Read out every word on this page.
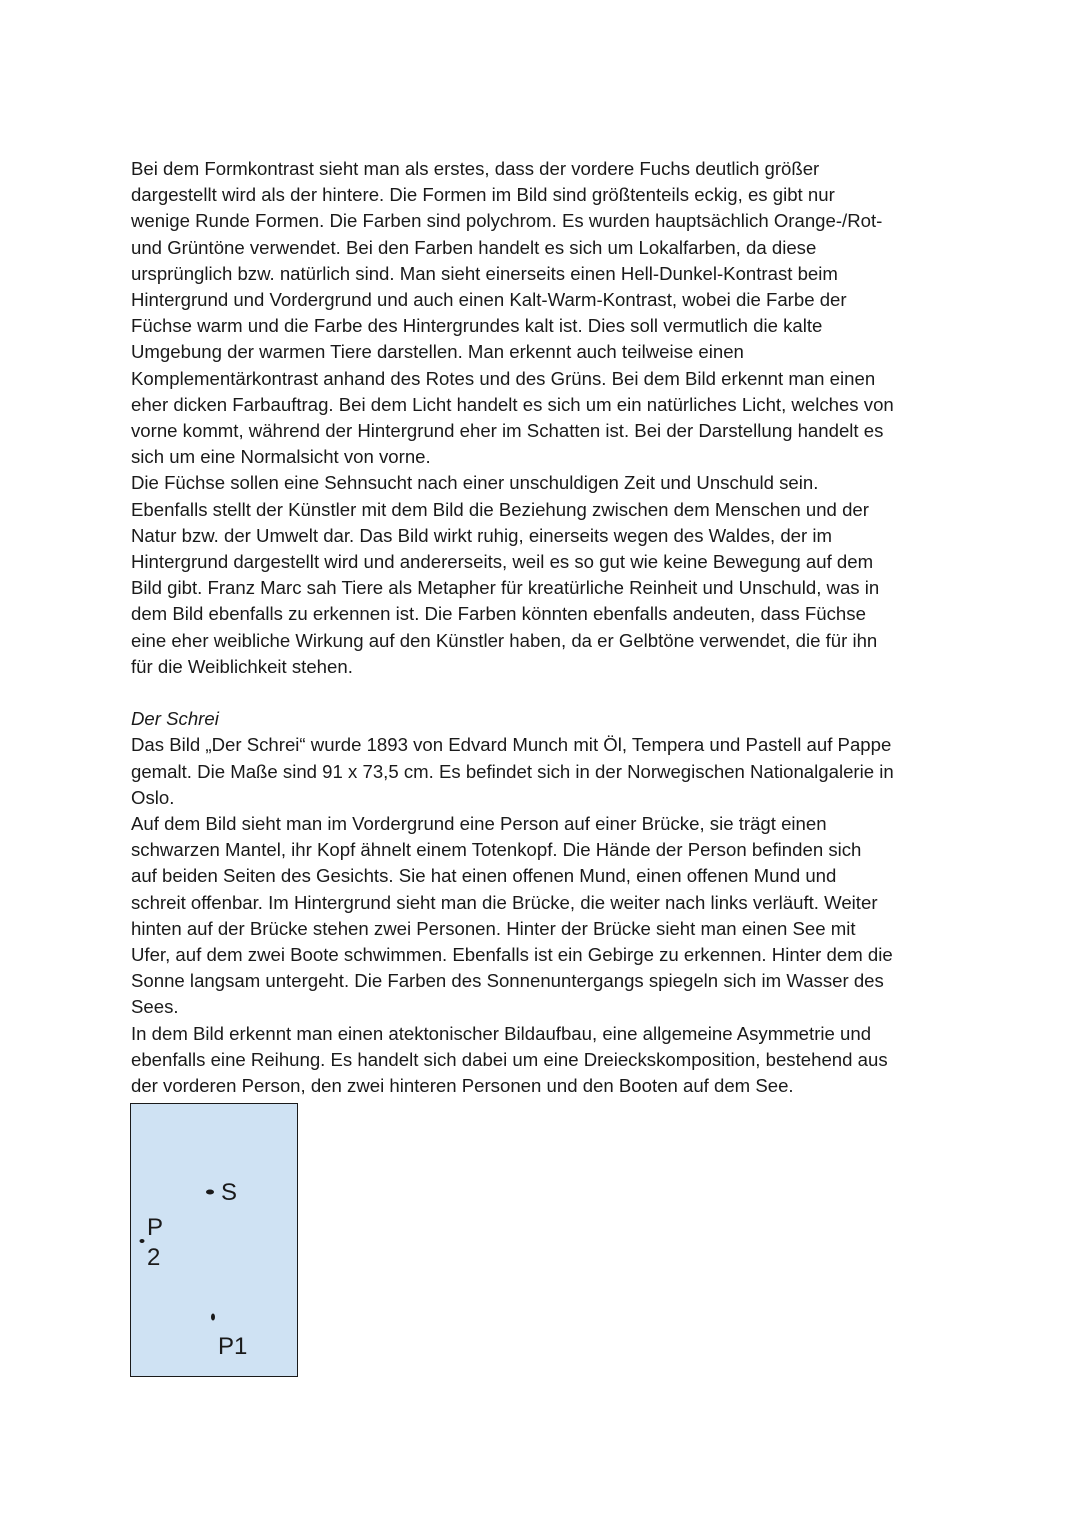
Bei dem Formkontrast sieht man als erstes, dass der vordere Fuchs deutlich größer
dargestellt wird als der hintere. Die Formen im Bild sind größtenteils eckig, es gibt nur
wenige Runde Formen. Die Farben sind polychrom. Es wurden hauptsächlich Orange-/Rot-
und Grüntöne verwendet. Bei den Farben handelt es sich um Lokalfarben, da diese
ursprünglich bzw. natürlich sind. Man sieht einerseits einen Hell-Dunkel-Kontrast beim
Hintergrund und Vordergrund und auch einen Kalt-Warm-Kontrast, wobei die Farbe der
Füchse warm und die Farbe des Hintergrundes kalt ist. Dies soll vermutlich die kalte
Umgebung der warmen Tiere darstellen. Man erkennt auch teilweise einen
Komplementärkontrast anhand des Rotes und des Grüns. Bei dem Bild erkennt man einen
eher dicken Farbauftrag. Bei dem Licht handelt es sich um ein natürliches Licht, welches von
vorne kommt, während der Hintergrund eher im Schatten ist. Bei der Darstellung handelt es
sich um eine Normalsicht von vorne.

Die Füchse sollen eine Sehnsucht nach einer unschuldigen Zeit und Unschuld sein.
Ebenfalls stellt der Künstler mit dem Bild die Beziehung zwischen dem Menschen und der
Natur bzw. der Umwelt dar. Das Bild wirkt ruhig, einerseits wegen des Waldes, der im
Hintergrund dargestellt wird und andererseits, weil es so gut wie keine Bewegung auf dem
Bild gibt. Franz Marc sah Tiere als Metapher für kreatürliche Reinheit und Unschuld, was in
dem Bild ebenfalls zu erkennen ist. Die Farben könnten ebenfalls andeuten, dass Füchse
eine eher weibliche Wirkung auf den Künstler haben, da er Gelbtöne verwendet, die für ihn
für die Weiblichkeit stehen.

Der Schrei

Das Bild „Der Schrei“ wurde 1893 von Edvard Munch mit Öl, Tempera und Pastell auf Pappe
gemalt. Die Maße sind 91 x 73,5 cm. Es befindet sich in der Norwegischen Nationalgalerie in
Oslo.

Auf dem Bild sieht man im Vordergrund eine Person auf einer Brücke, sie trägt einen
schwarzen Mantel, ihr Kopf ähnelt einem Totenkopf. Die Hände der Person befinden sich
auf beiden Seiten des Gesichts. Sie hat einen offenen Mund, einen offenen Mund und
schreit offenbar. Im Hintergrund sieht man die Brücke, die weiter nach links verläuft. Weiter
hinten auf der Brücke stehen zwei Personen. Hinter der Brücke sieht man einen See mit
Ufer, auf dem zwei Boote schwimmen. Ebenfalls ist ein Gebirge zu erkennen. Hinter dem die
Sonne langsam untergeht. Die Farben des Sonnenuntergangs spiegeln sich im Wasser des
Sees.

In dem Bild erkennt man einen atektonischer Bildaufbau, eine allgemeine Asymmetrie und
ebenfalls eine Reihung. Es handelt sich dabei um eine Dreieckskomposition, bestehend aus
der vorderen Person, den zwei hinteren Personen und den Booten auf dem See.

S
P
2
P1
